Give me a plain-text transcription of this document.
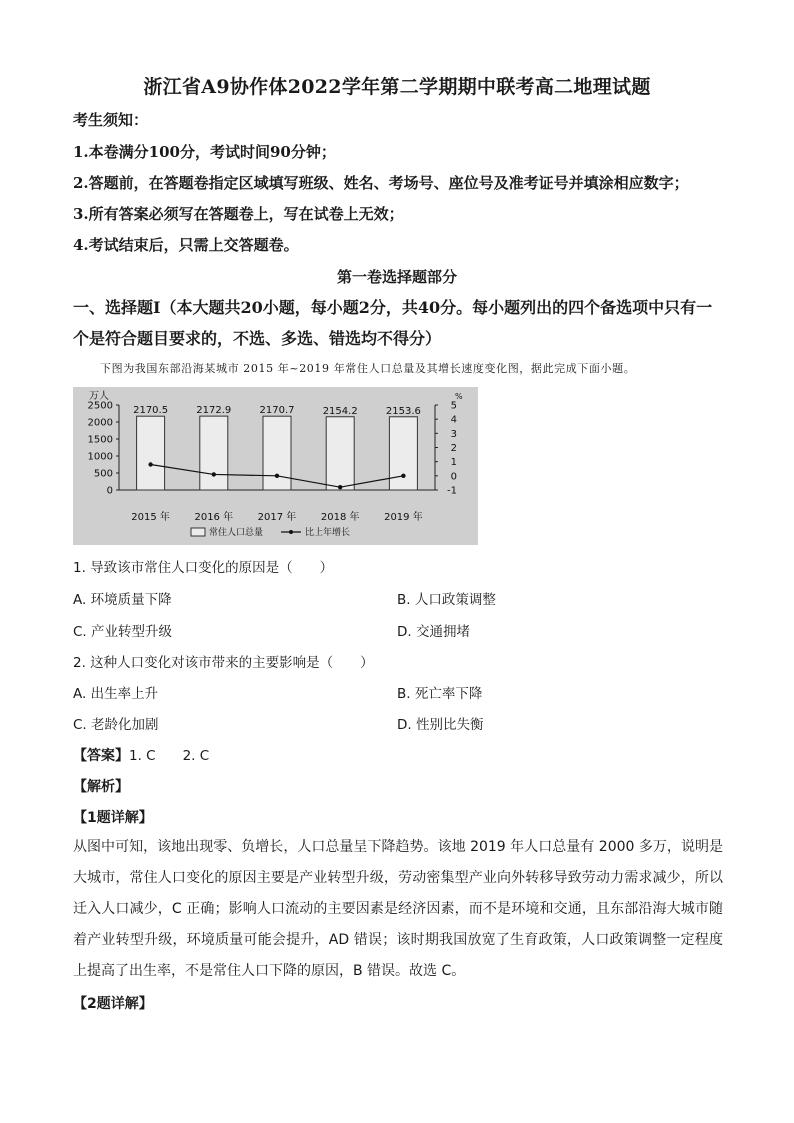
浙江省A9协作体2022学年第二学期期中联考高二地理试题
考生须知：
1.本卷满分100分，考试时间90分钟；
2.答题前，在答题卷指定区域填写班级、姓名、考场号、座位号及准考证号并填涂相应数字；
3.所有答案必须写在答题卷上，写在试卷上无效；
4.考试结束后，只需上交答题卷。
第一卷选择题部分
一、选择题Ⅰ（本大题共20小题，每小题2分，共40分。每小题列出的四个备选项中只有一
个是符合题目要求的，不选、多选、错选均不得分）
下图为我国东部沿海某城市 2015 年~2019 年常住人口总量及其增长速度变化图，据此完成下面小题。
万人	%
0
500
1000
1500
2000
2500
-1
0
1
2
3
4
5
2170.5
2015 年
2172.9
2016 年
2170.7
2017 年
2154.2
2018 年
2153.6
2019 年
常住人口总量	比上年增长
1. 导致该市常住人口变化的原因是（　　）
A. 环境质量下降	B. 人口政策调整
C. 产业转型升级	D. 交通拥堵
2. 这种人口变化对该市带来的主要影响是（　　）
A. 出生率上升	B. 死亡率下降
C. 老龄化加剧	D. 性别比失衡
【答案】1. C　　2. C
【解析】
【1题详解】
从图中可知，该地出现零、负增长，人口总量呈下降趋势。该地 2019 年人口总量有 2000 多万，说明是大城市，常住人口变化的原因主要是产业转型升级，劳动密集型产业向外转移导致劳动力需求减少，所以迁入人口减少，C 正确；影响人口流动的主要因素是经济因素，而不是环境和交通，且东部沿海大城市随着产业转型升级，环境质量可能会提升，AD 错误；该时期我国放宽了生育政策，人口政策调整一定程度上提高了出生率，不是常住人口下降的原因，B 错误。故选 C。
【2题详解】
